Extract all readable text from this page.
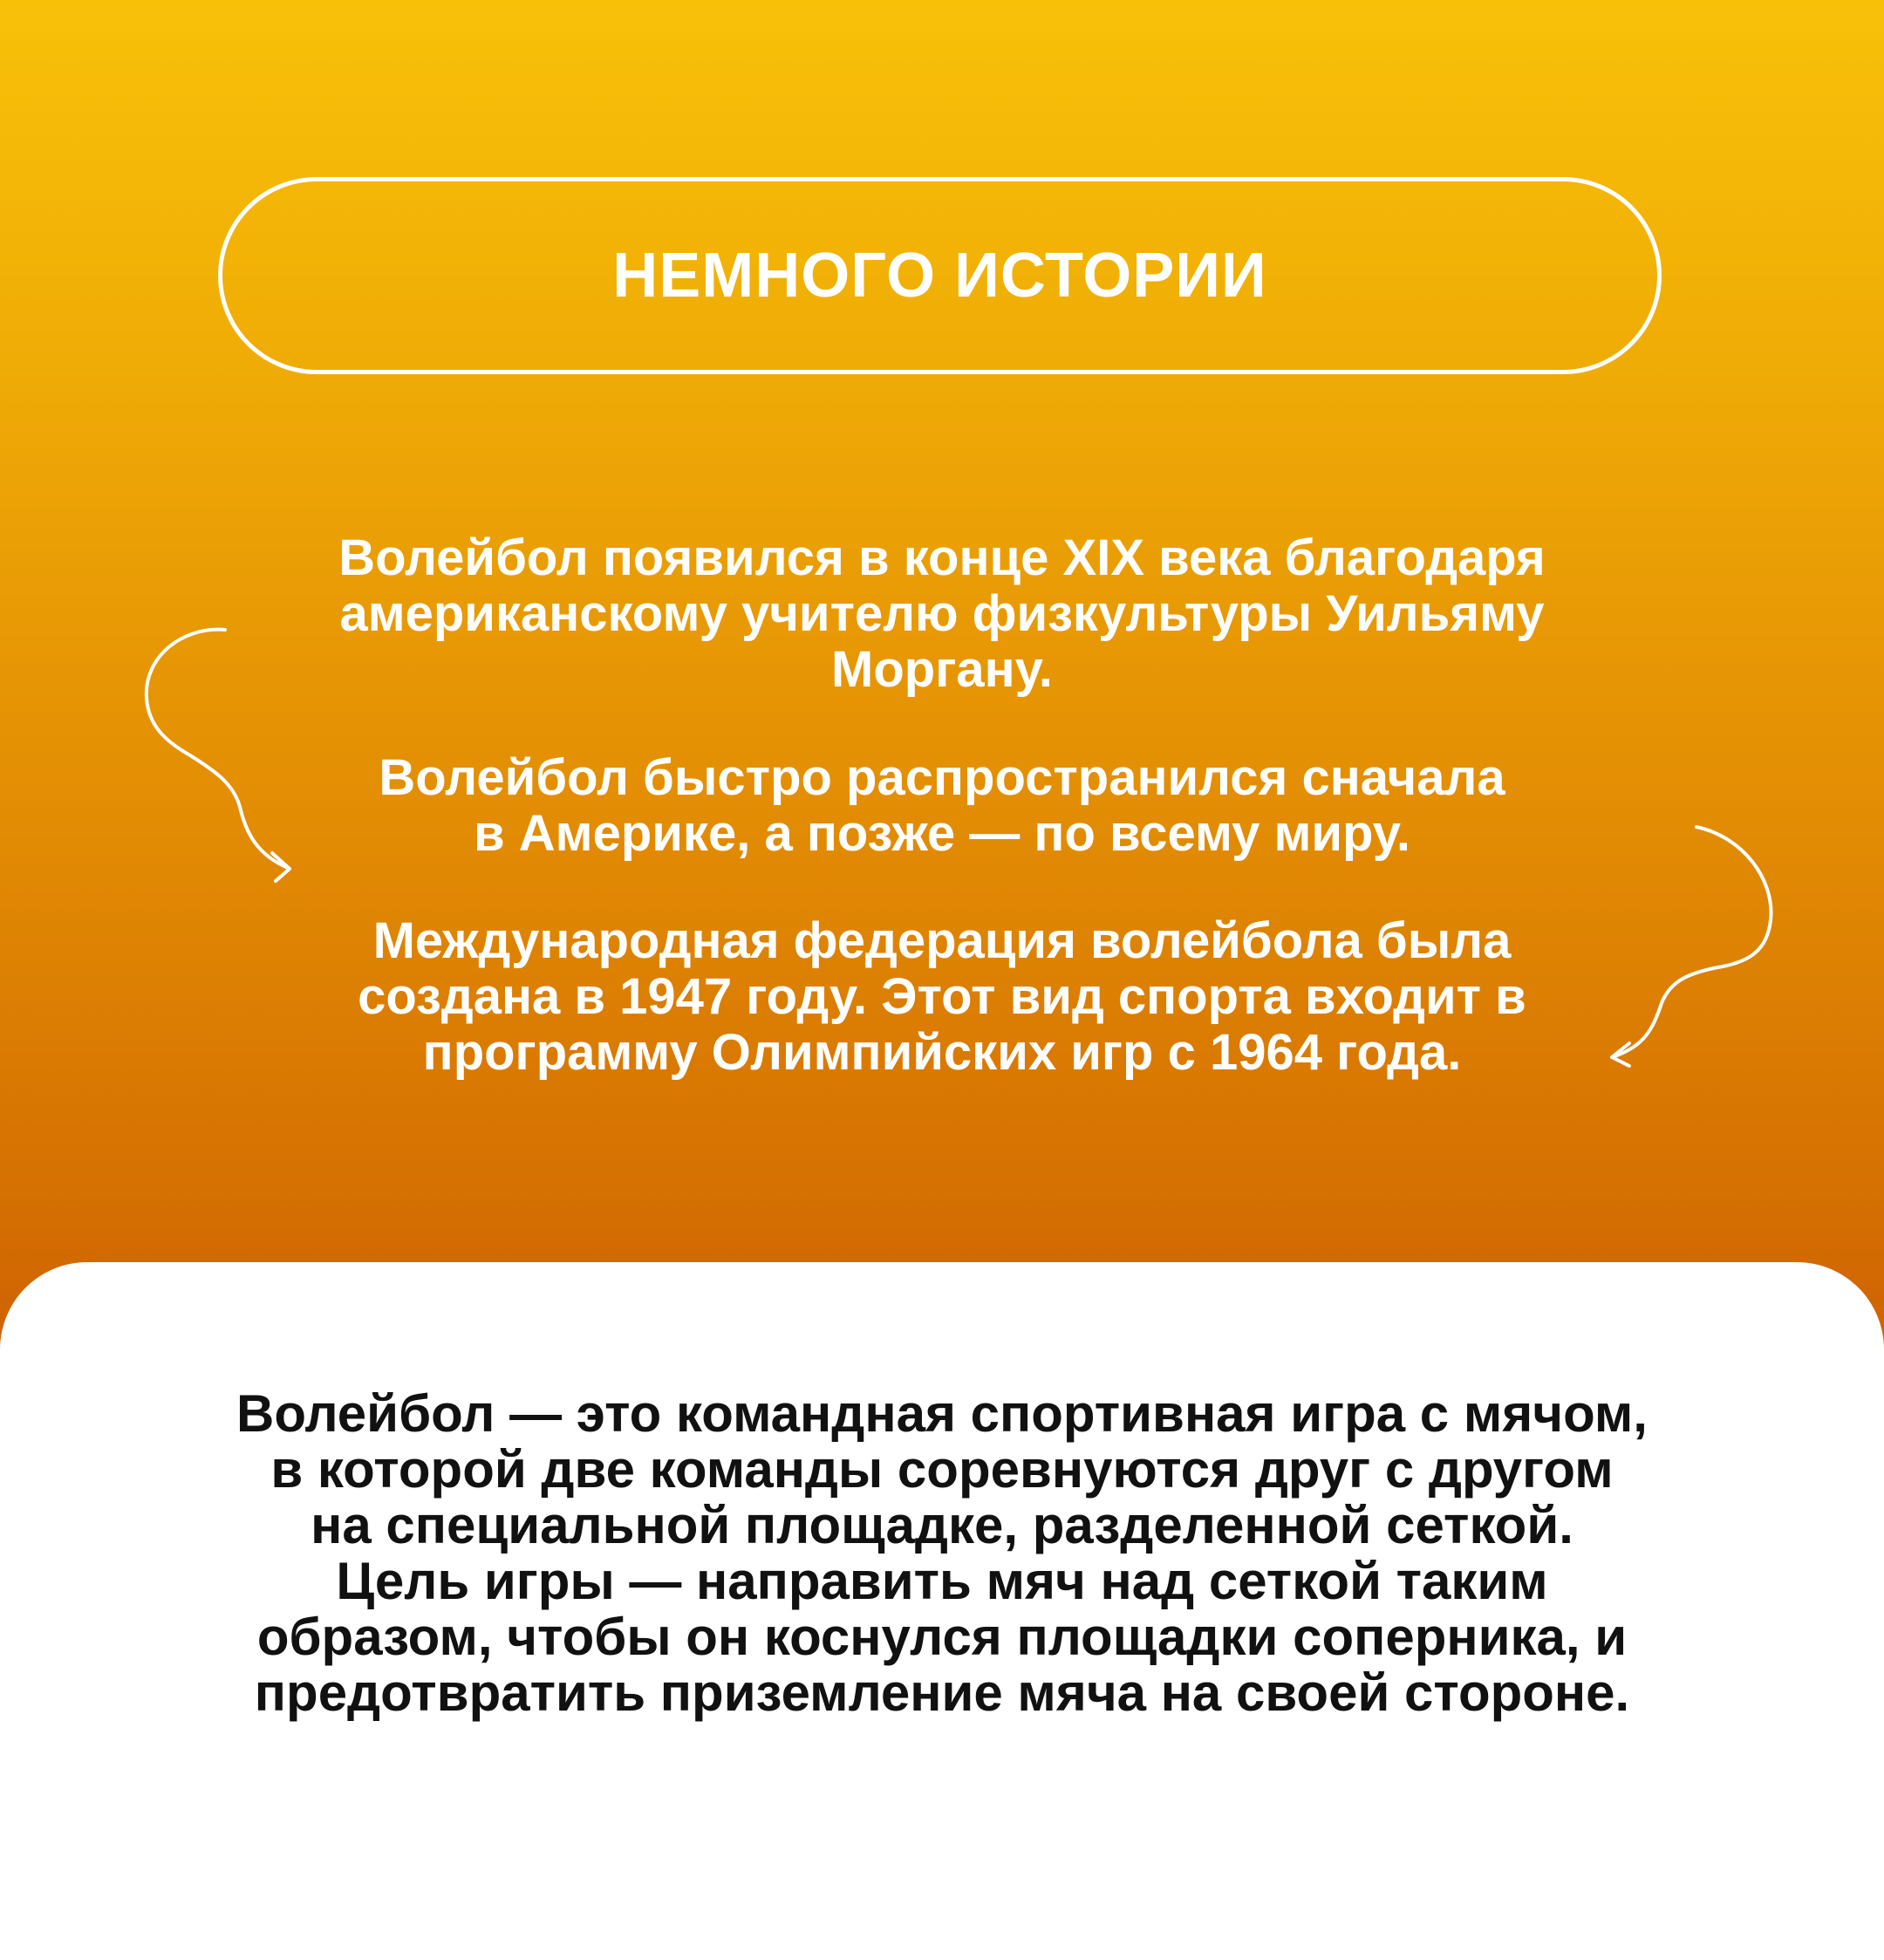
НЕМНОГО ИСТОРИИ
Волейбол появился в конце XIX века благодаря
американскому учителю физкультуры Уильяму
Моргану.
Волейбол быстро распространился сначала
в Америке, а позже — по всему миру.
Международная федерация волейбола была
создана в 1947 году. Этот вид спорта входит в
программу Олимпийских игр с 1964 года.
Волейбол — это командная спортивная игра с мячом,
в которой две команды соревнуются друг с другом
на специальной площадке, разделенной сеткой.
Цель игры — направить мяч над сеткой таким
образом, чтобы он коснулся площадки соперника, и
предотвратить приземление мяча на своей стороне.
